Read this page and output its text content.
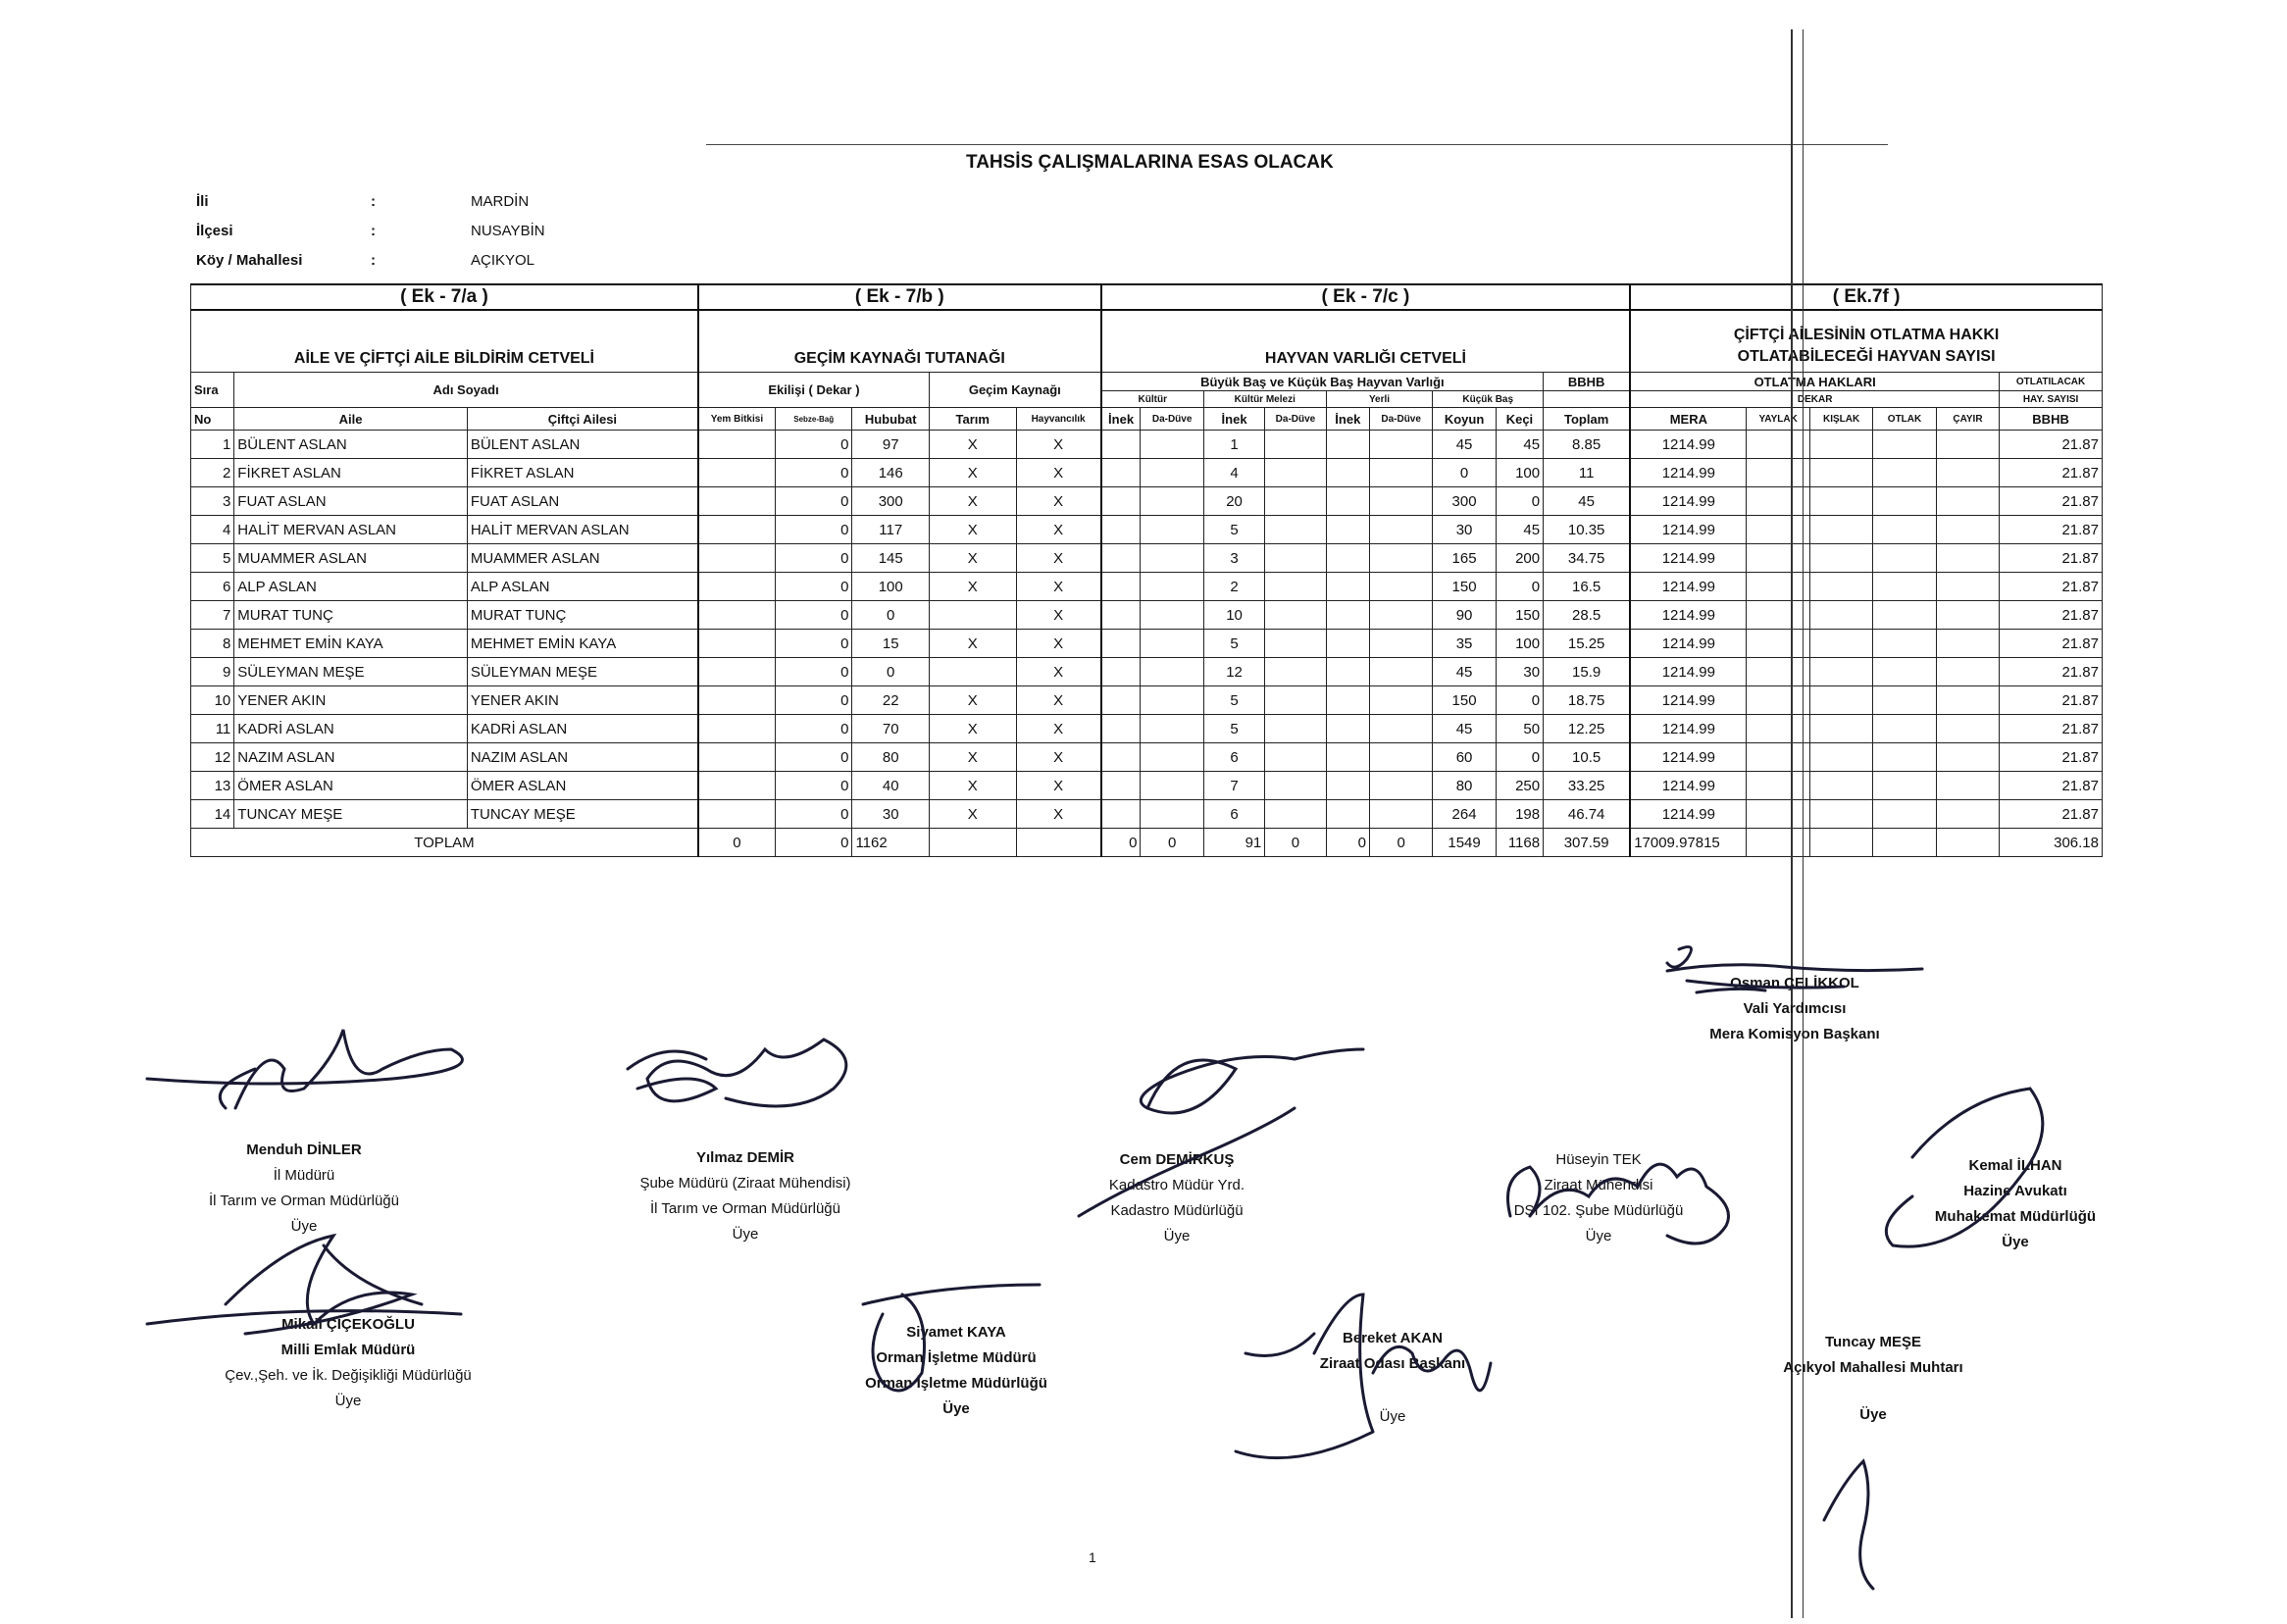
TAHSİS ÇALIŞMALARINA ESAS OLACAK
İli	:	MARDİN
İlçesi	:	NUSAYBİN
Köy / Mahallesi	:	AÇIKYOL
( Ek - 7/a )			( Ek - 7/b )					( Ek - 7/c )									( Ek.7f )					
AİLE VE ÇİFTÇİ AİLE BİLDİRİM CETVELİ			GEÇİM KAYNAĞI TUTANAĞI					HAYVAN VARLIĞI CETVELİ									ÇİFTÇİ AİLESİNİN OTLATMA HAKKI
OTLATABİLECEĞİ HAYVAN SAYISI					
Sıra	Adı Soyadı		Ekilişi ( Dekar )			Geçim Kaynağı		Büyük Baş ve Küçük Baş Hayvan Varlığı								BBHB	OTLATMA HAKLARI					OTLATILACAK
								Kültür		Kültür Melezi		Yerli		Küçük Baş			DEKAR					HAY. SAYISI
No	Aile	Çiftçi Ailesi	Yem Bitkisi	Sebze-Bağ	Hububat	Tarım	Hayvancılık	İnek	Da-Düve	İnek	Da-Düve	İnek	Da-Düve	Koyun	Keçi	Toplam	MERA	YAYLAK	KIŞLAK	OTLAK	ÇAYIR	BBHB
1	BÜLENT ASLAN	BÜLENT ASLAN		0	97	X	X			1				45	45	8.85	1214.99					21.87
2	FİKRET ASLAN	FİKRET ASLAN		0	146	X	X			4				0	100	11	1214.99					21.87
3	FUAT ASLAN	FUAT ASLAN		0	300	X	X			20				300	0	45	1214.99					21.87
4	HALİT MERVAN ASLAN	HALİT MERVAN ASLAN		0	117	X	X			5				30	45	10.35	1214.99					21.87
5	MUAMMER ASLAN	MUAMMER ASLAN		0	145	X	X			3				165	200	34.75	1214.99					21.87
6	ALP ASLAN	ALP ASLAN		0	100	X	X			2				150	0	16.5	1214.99					21.87
7	MURAT TUNÇ	MURAT TUNÇ		0	0		X			10				90	150	28.5	1214.99					21.87
8	MEHMET EMİN KAYA	MEHMET EMİN KAYA		0	15	X	X			5				35	100	15.25	1214.99					21.87
9	SÜLEYMAN MEŞE	SÜLEYMAN MEŞE		0	0		X			12				45	30	15.9	1214.99					21.87
10	YENER AKIN	YENER AKIN		0	22	X	X			5				150	0	18.75	1214.99					21.87
11	KADRİ ASLAN	KADRİ ASLAN		0	70	X	X			5				45	50	12.25	1214.99					21.87
12	NAZIM ASLAN	NAZIM ASLAN		0	80	X	X			6				60	0	10.5	1214.99					21.87
13	ÖMER ASLAN	ÖMER ASLAN		0	40	X	X			7				80	250	33.25	1214.99					21.87
14	TUNCAY MEŞE	TUNCAY MEŞE		0	30	X	X			6				264	198	46.74	1214.99					21.87
TOPLAM			0	0	1162			0	0	91	0	0	0	1549	1168	307.59	17009.97815					306.18
Osman ÇELİKKOL
Vali Yardımcısı
Mera Komisyon Başkanı
Menduh DİNLER
İl Müdürü
İl Tarım ve Orman Müdürlüğü
Üye
Yılmaz DEMİR
Şube Müdürü (Ziraat Mühendisi)
İl Tarım ve Orman Müdürlüğü
Üye
Cem DEMİRKUŞ
Kadastro Müdür Yrd.
Kadastro Müdürlüğü
Üye
Hüseyin TEK
Ziraat Mühendisi
DSİ 102. Şube Müdürlüğü
Üye
Kemal İLHAN
Hazine Avukatı
Muhakemat Müdürlüğü
Üye
Mikail ÇİÇEKOĞLU
Milli Emlak Müdürü
Çev.,Şeh. ve İk. Değişikliği Müdürlüğü
Üye
Siyamet KAYA
Orman İşletme Müdürü
Orman İşletme Müdürlüğü
Üye
Bereket AKAN
Ziraat Odası Başkanı
Üye
Tuncay MEŞE
Açıkyol Mahallesi Muhtarı
Üye
1
